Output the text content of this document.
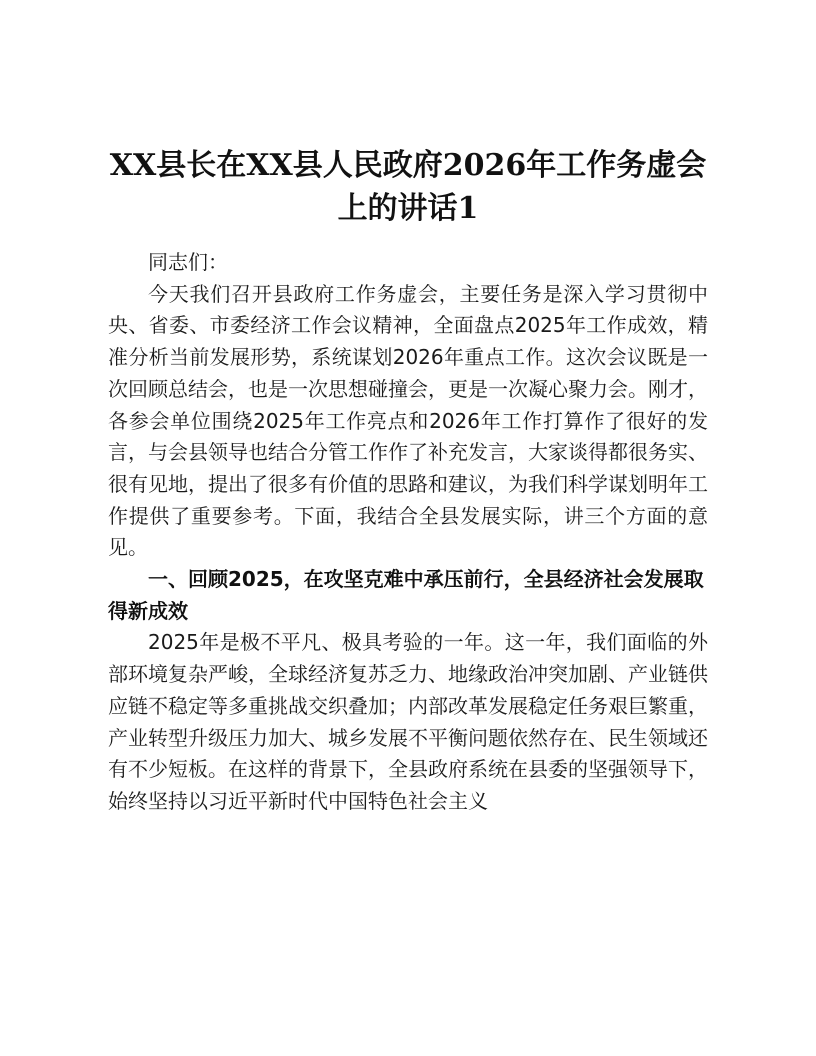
XX县长在XX县人民政府2026年工作务虚会
上的讲话1

同志们：

今天我们召开县政府工作务虚会，主要任务是深入学习贯彻中央、省委、市委经济工作会议精神，全面盘点2025年工作成效，精准分析当前发展形势，系统谋划2026年重点工作。这次会议既是一次回顾总结会，也是一次思想碰撞会，更是一次凝心聚力会。刚才，各参会单位围绕2025年工作亮点和2026年工作打算作了很好的发言，与会县领导也结合分管工作作了补充发言，大家谈得都很务实、很有见地，提出了很多有价值的思路和建议，为我们科学谋划明年工作提供了重要参考。下面，我结合全县发展实际，讲三个方面的意见。

一、回顾2025，在攻坚克难中承压前行，全县经济社会发展取得新成效

2025年是极不平凡、极具考验的一年。这一年，我们面临的外部环境复杂严峻，全球经济复苏乏力、地缘政治冲突加剧、产业链供应链不稳定等多重挑战交织叠加；内部改革发展稳定任务艰巨繁重，产业转型升级压力加大、城乡发展不平衡问题依然存在、民生领域还有不少短板。在这样的背景下，全县政府系统在县委的坚强领导下，始终坚持以习近平新时代中国特色社会主义
